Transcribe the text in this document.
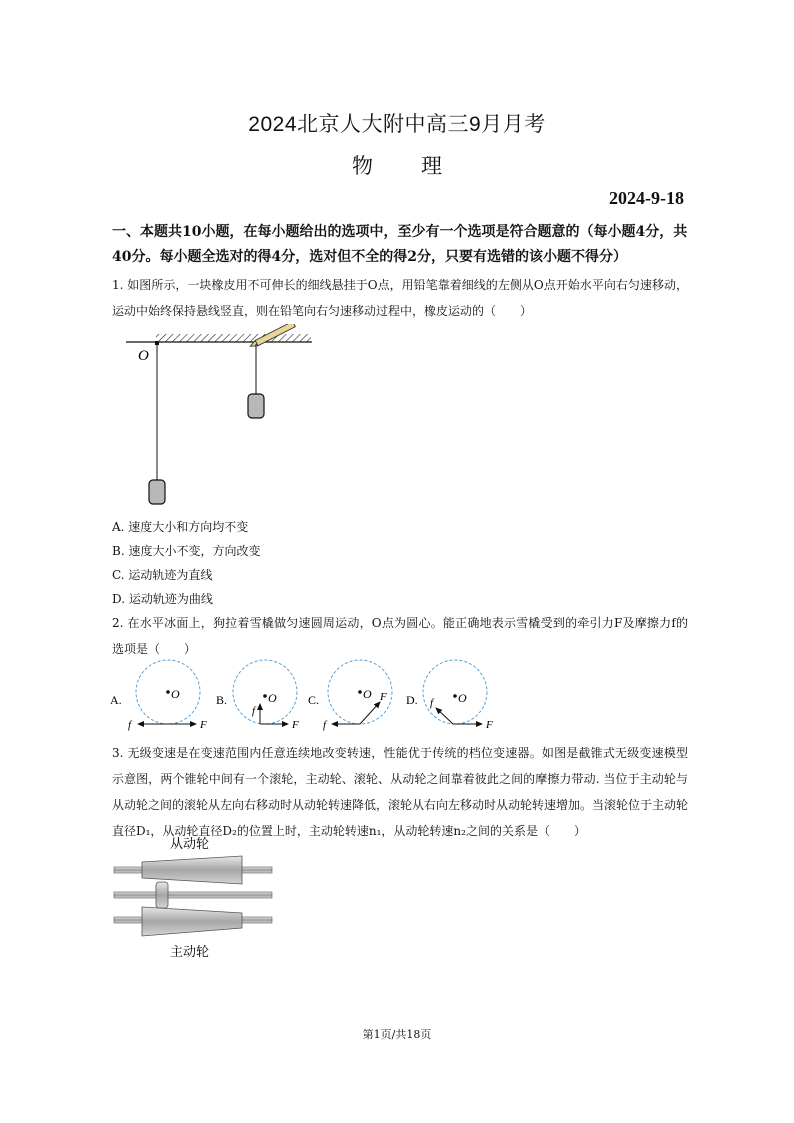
2024北京人大附中高三9月月考
物 理
2024-9-18
一、本题共10小题，在每小题给出的选项中，至少有一个选项是符合题意的（每小题4分，共40分。每小题全选对的得4分，选对但不全的得2分，只要有选错的该小题不得分）
1. 如图所示，一块橡皮用不可伸长的细线悬挂于O点，用铅笔靠着细线的左侧从O点开始水平向右匀速移动，运动中始终保持悬线竖直，则在铅笔向右匀速移动过程中，橡皮运动的（　　）
O
A. 速度大小和方向均不变
B. 速度大小不变，方向改变
C. 运动轨迹为直线
D. 运动轨迹为曲线
2. 在水平冰面上，狗拉着雪橇做匀速圆周运动，O点为圆心。能正确地表示雪橇受到的牵引力F及摩擦力f的选项是（　　）
A.	O
F
f
B.	O
F
f
C.	O F
f
D.	O
F
f
3. 无级变速是在变速范围内任意连续地改变转速，性能优于传统的档位变速器。如图是截锥式无级变速模型示意图，两个锥轮中间有一个滚轮，主动轮、滚轮、从动轮之间靠着彼此之间的摩擦力带动. 当位于主动轮与从动轮之间的滚轮从左向右移动时从动轮转速降低，滚轮从右向左移动时从动轮转速增加。当滚轮位于主动轮直径D₁，从动轮直径D₂的位置上时，主动轮转速n₁，从动轮转速n₂之间的关系是（　　）
从动轮
主动轮
第1页/共18页
